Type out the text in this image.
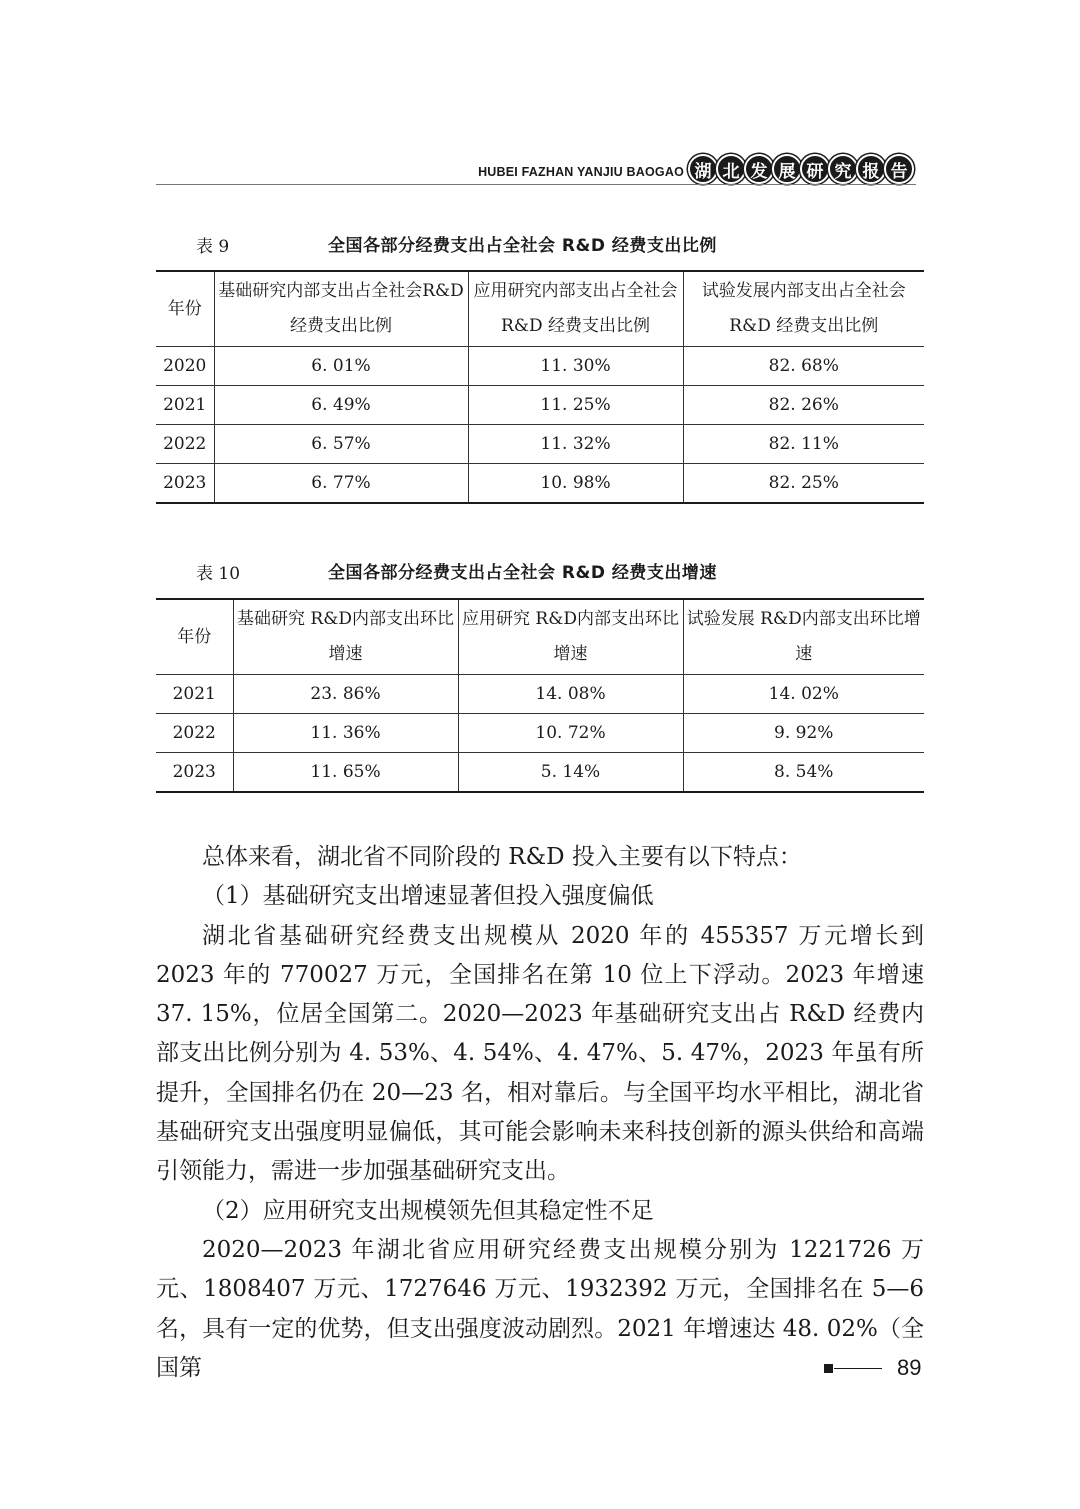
HUBEI FAZHAN YANJIU BAOGAO 湖 北 发 展 研 究 报 告
表 9	全国各部分经费支出占全社会 R&D 经费支出比例
年份	基础研究内部支出占全社会R&D 经费支出比例	应用研究内部支出占全社会 R&D 经费支出比例	试验发展内部支出占全社会R&D 经费支出比例
2020	6. 01%	11. 30%	82. 68%
2021	6. 49%	11. 25%	82. 26%
2022	6. 57%	11. 32%	82. 11%
2023	6. 77%	10. 98%	82. 25%
表 10	全国各部分经费支出占全社会 R&D 经费支出增速
年份	基础研究 R&D内部支出环比增速	应用研究 R&D内部支出环比增速	试验发展 R&D内部支出环比增速
2021	23. 86%	14. 08%	14. 02%
2022	11. 36%	10. 72%	9. 92%
2023	11. 65%	5. 14%	8. 54%

总体来看，湖北省不同阶段的 R&D 投入主要有以下特点：

（1）基础研究支出增速显著但投入强度偏低

湖北省基础研究经费支出规模从 2020 年的 455357 万元增长到 2023 年的 770027 万元，全国排名在第 10 位上下浮动。2023 年增速 37. 15%，位居全国第二。2020—2023 年基础研究支出占 R&D 经费内部支出比例分别为 4. 53%、4. 54%、4. 47%、5. 47%，2023 年虽有所提升，全国排名仍在 20—23 名，相对靠后。与全国平均水平相比，湖北省基础研究支出强度明显偏低，其可能会影响未来科技创新的源头供给和高端引领能力，需进一步加强基础研究支出。

（2）应用研究支出规模领先但其稳定性不足

2020—2023 年湖北省应用研究经费支出规模分别为 1221726 万元、1808407 万元、1727646 万元、1932392 万元，全国排名在 5—6 名，具有一定的优势，但支出强度波动剧烈。2021 年增速达 48. 02%（全国第	89
